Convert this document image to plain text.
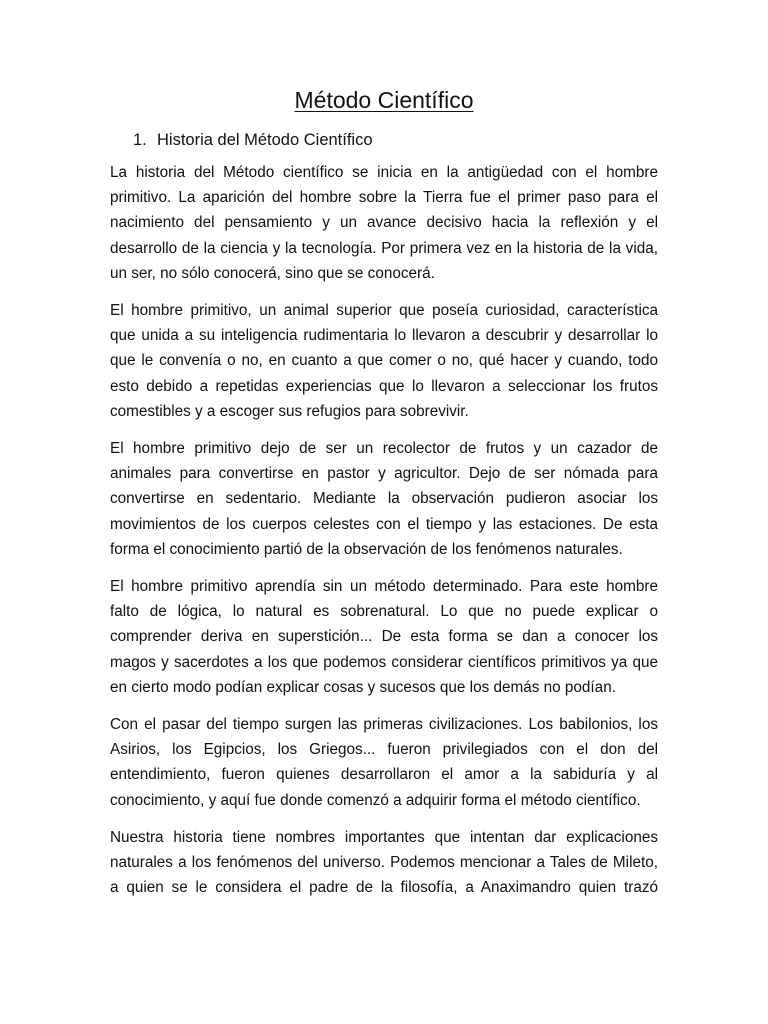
Método Científico
1. Historia del Método Científico

La historia del Método científico se inicia en la antigüedad con el hombre
primitivo. La aparición del hombre sobre la Tierra fue el primer paso para el
nacimiento del pensamiento y un avance decisivo hacia la reflexión y el
desarrollo de la ciencia y la tecnología. Por primera vez en la historia de la vida,
un ser, no sólo conocerá, sino que se conocerá.

El hombre primitivo, un animal superior que poseía curiosidad, característica
que unida a su inteligencia rudimentaria lo llevaron a descubrir y desarrollar lo
que le convenía o no, en cuanto a que comer o no, qué hacer y cuando, todo
esto debido a repetidas experiencias que lo llevaron a seleccionar los frutos
comestibles y a escoger sus refugios para sobrevivir.

El hombre primitivo dejo de ser un recolector de frutos y un cazador de
animales para convertirse en pastor y agricultor. Dejo de ser nómada para
convertirse en sedentario. Mediante la observación pudieron asociar los
movimientos de los cuerpos celestes con el tiempo y las estaciones. De esta
forma el conocimiento partió de la observación de los fenómenos naturales.

El hombre primitivo aprendía sin un método determinado. Para este hombre
falto de lógica, lo natural es sobrenatural. Lo que no puede explicar o
comprender deriva en superstición... De esta forma se dan a conocer los
magos y sacerdotes a los que podemos considerar científicos primitivos ya que
en cierto modo podían explicar cosas y sucesos que los demás no podían.

Con el pasar del tiempo surgen las primeras civilizaciones. Los babilonios, los
Asirios, los Egipcios, los Griegos... fueron privilegiados con el don del
entendimiento, fueron quienes desarrollaron el amor a la sabiduría y al
conocimiento, y aquí fue donde comenzó a adquirir forma el método científico.

Nuestra historia tiene nombres importantes que intentan dar explicaciones
naturales a los fenómenos del universo. Podemos mencionar a Tales de Mileto,
a quien se le considera el padre de la filosofía, a Anaximandro quien trazó
